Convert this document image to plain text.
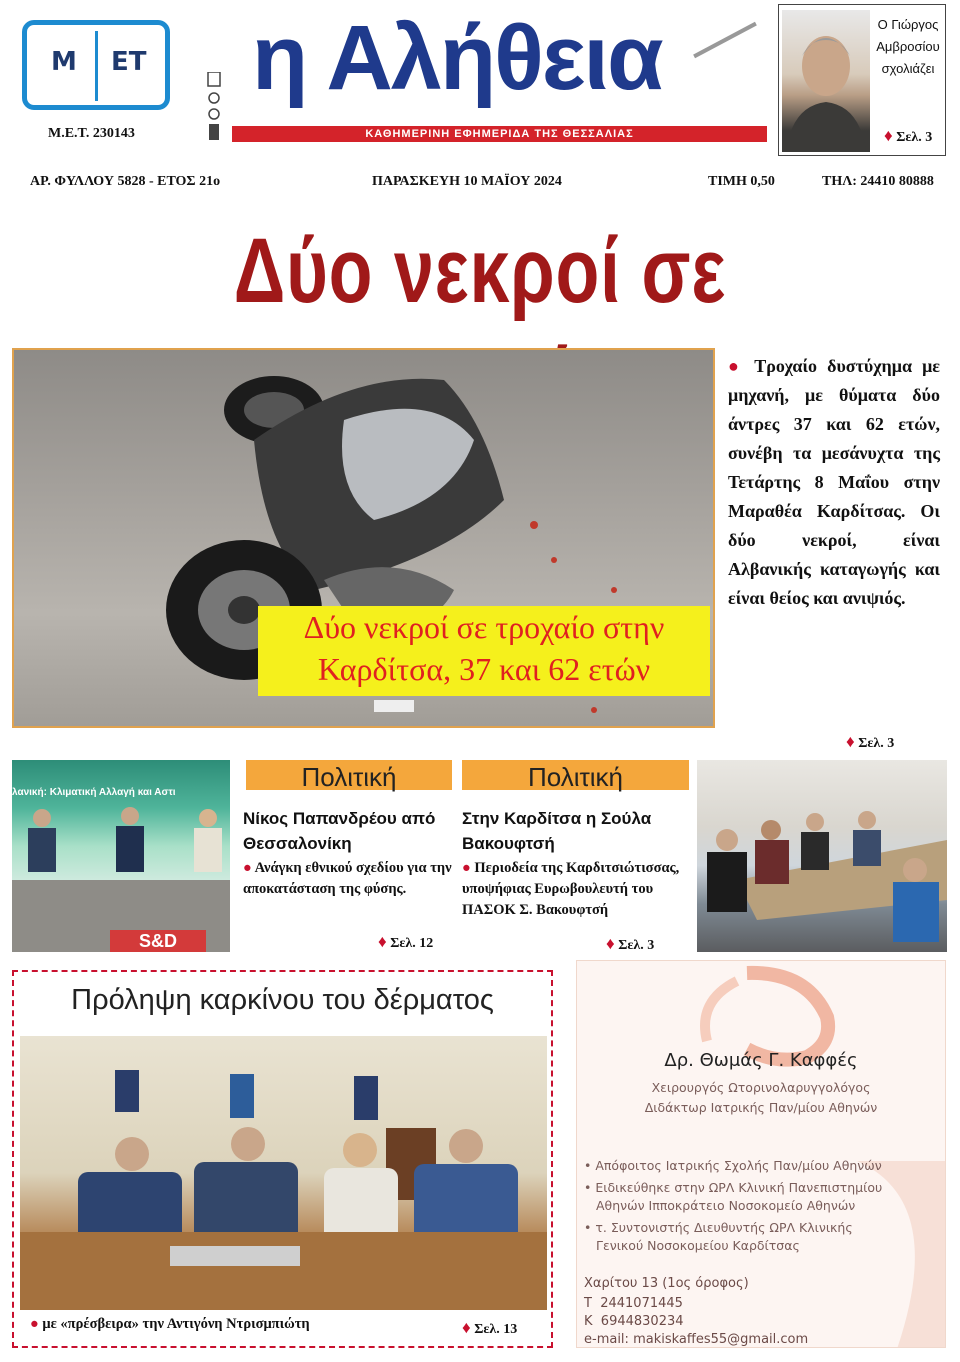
Μ ΕΤ
Μ.Ε.Τ. 230143
η Αλήθεια
ΚΑΘΗΜΕΡΙΝΗ ΕΦΗΜΕΡΙΔΑ ΤΗΣ ΘΕΣΣΑΛΙΑΣ
Ο Γιώργος
Αμβροσίου
σχολιάζει
♦ Σελ. 3
ΑΡ. ΦΥΛΛΟΥ 5828 - ΕΤΟΣ 21ο	ΠΑΡΑΣΚΕΥΗ 10 ΜΑΪΟΥ 2024	ΤΙΜΗ 0,50	ΤΗΛ: 24410 80888
Δύο νεκροί σε
Δύο νεκροί σε τροχαίο στην
Καρδίτσα, 37 και 62 ετών
● Τροχαίο δυστύχημα με μηχανή, με θύματα δύο άντρες 37 και 62 ετών, συνέβη τα μεσάνυχτα της Τετάρτης 8 Μαΐου στην Μαραθέα Καρδίτσας. Οι δύο νεκροί, είναι Αλβανικής καταγωγής και είναι θείος και ανιψιός.
♦ Σελ. 3
λανική: Κλιματική Αλλαγή και Αστι
S&D
Πολιτική
Νίκος Παπανδρέου από Θεσσαλονίκη
● Ανάγκη εθνικού σχεδίου για την αποκατάσταση της φύσης.
♦ Σελ. 12
Πολιτική
Στην Καρδίτσα η Σούλα Βακουφτσή
● Περιοδεία της Καρδιτσιώτισσας, υποψήφιας Ευρωβουλευτή του ΠΑΣΟΚ Σ. Βακουφτσή
♦ Σελ. 3
Πρόληψη καρκίνου του δέρματος
● με «πρέσβειρα» την Αντιγόνη Ντρισμπιώτη	♦ Σελ. 13
Δρ. Θωμάς Γ. Καφφές
Χειρουργός Ωτορινολαρυγγολόγος
Διδάκτωρ Ιατρικής Παν/μίου Αθηνών
• Απόφοιτος Ιατρικής Σχολής Παν/μίου Αθηνών
• Ειδικεύθηκε στην ΩΡΛ Κλινική Πανεπιστημίου
Αθηνών Ιπποκράτειο Νοσοκομείο Αθηνών
• τ. Συντονιστής Διευθυντής ΩΡΛ Κλινικής
Γενικού Νοσοκομείου Καρδίτσας
Χαρίτου 13 (1ος όροφος)
Τ 2441071445
Κ 6944830234
e-mail: makiskaffes55@gmail.com
